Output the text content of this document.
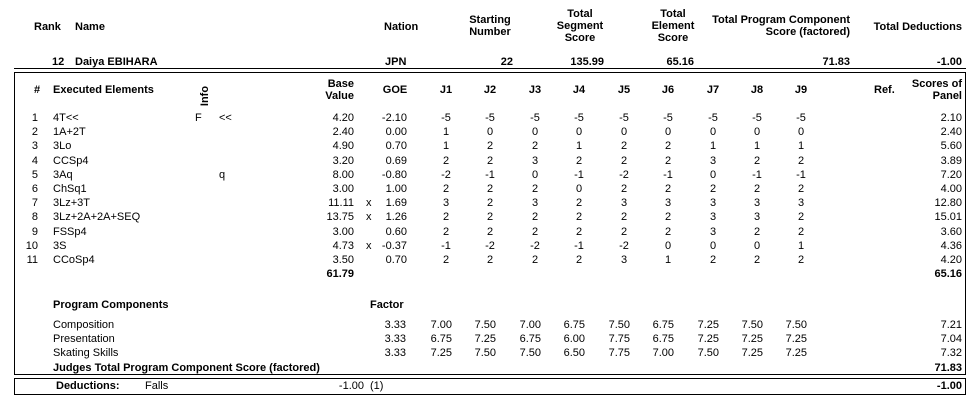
Rank Name	Nation
Starting
Number
Total
Segment
Score
Total
Element
Score
Total Program Component
Score (factored)	Total Deductions
12 Daiya EBIHARA	JPN	22	135.99	65.16	71.83	-1.00
# Executed Elements	Info
Base
Value	GOE	J1	J2	J3	J4	J5	J6	J7	J8	J9	Ref.	Scores of
Panel
1 4T<<	F <<	4.20	-2.10	-5	-5	-5	-5	-5	-5	-5	-5	-5	2.10
2 1A+2T	2.40	0.00	1	0	0	0	0	0	0	0	0	2.40
3 3Lo	4.90	0.70	1	2	2	1	2	2	1	1	1	5.60
4 CCSp4	3.20	0.69	2	2	3	2	2	2	3	2	2	3.89
5 3Aq	q	8.00	-0.80	-2	-1	0	-1	-2	-1	0	-1	-1	7.20
6 ChSq1	3.00	1.00	2	2	2	0	2	2	2	2	2	4.00
7 3Lz+3T	11.11 x	1.69	3	2	3	2	3	3	3	3	3	12.80
8 3Lz+2A+2A+SEQ	13.75 x	1.26	2	2	2	2	2	2	3	3	2	15.01
9 FSSp4	3.00	0.60	2	2	2	2	2	2	3	2	2	3.60
10 3S	4.73 x -0.37	-1	-2	-2	-1	-2	0	0	0	1	4.36
11 CCoSp4	3.50	0.70	2	2	2	2	3	1	2	2	2	4.20
61.79	65.16
Program Components	Factor
Composition	3.33	7.00	7.50	7.00	6.75	7.50	6.75	7.25	7.50	7.50	7.21
Presentation	3.33	6.75	7.25	6.75	6.00	7.75	6.75	7.25	7.25	7.25	7.04
Skating Skills	3.33	7.25	7.50	7.50	6.50	7.75	7.00	7.50	7.25	7.25	7.32
Judges Total Program Component Score (factored)	71.83
Deductions: Falls	-1.00 (1)	-1.00
